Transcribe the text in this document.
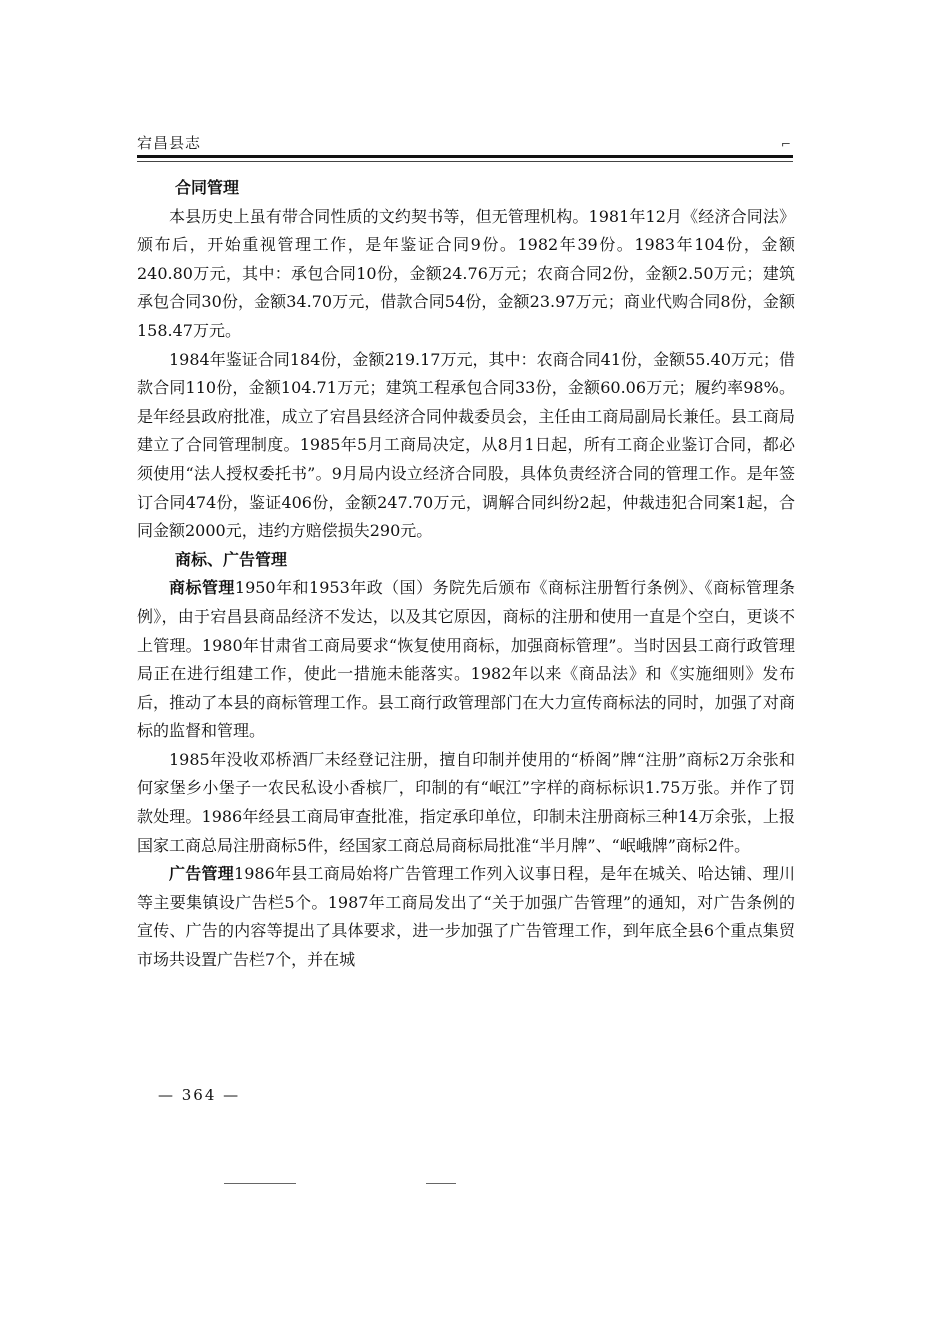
宕昌县志	⌐
合同管理

本县历史上虽有带合同性质的文约契书等，但无管理机构。1981年12月《经济合同法》颁布后，开始重视管理工作，是年鉴证合同9份。1982年39份。1983年104份，金额240.80万元，其中：承包合同10份，金额24.76万元；农商合同2份，金额2.50万元；建筑承包合同30份，金额34.70万元，借款合同54份，金额23.97万元；商业代购合同8份，金额158.47万元。

1984年鉴证合同184份，金额219.17万元，其中：农商合同41份，金额55.40万元；借款合同110份，金额104.71万元；建筑工程承包合同33份，金额60.06万元；履约率98%。是年经县政府批准，成立了宕昌县经济合同仲裁委员会，主任由工商局副局长兼任。县工商局建立了合同管理制度。1985年5月工商局决定，从8月1日起，所有工商企业鉴订合同，都必须使用“法人授权委托书”。9月局内设立经济合同股，具体负责经济合同的管理工作。是年签订合同474份，鉴证406份，金额247.70万元，调解合同纠纷2起，仲裁违犯合同案1起，合同金额2000元，违约方赔偿损失290元。

商标、广告管理

商标管理1950年和1953年政（国）务院先后颁布《商标注册暂行条例》、《商标管理条例》，由于宕昌县商品经济不发达，以及其它原因，商标的注册和使用一直是个空白，更谈不上管理。1980年甘肃省工商局要求“恢复使用商标，加强商标管理”。当时因县工商行政管理局正在进行组建工作，使此一措施未能落实。1982年以来《商品法》和《实施细则》发布后，推动了本县的商标管理工作。县工商行政管理部门在大力宣传商标法的同时，加强了对商标的监督和管理。

1985年没收邓桥酒厂未经登记注册，擅自印制并使用的“桥阁”牌“注册”商标2万余张和何家堡乡小堡子一农民私设小香槟厂，印制的有“岷江”字样的商标标识1.75万张。并作了罚款处理。1986年经县工商局审查批准，指定承印单位，印制未注册商标三种14万余张，上报国家工商总局注册商标5件，经国家工商总局商标局批准“半月牌”、“岷峨牌”商标2件。

广告管理1986年县工商局始将广告管理工作列入议事日程，是年在城关、哈达铺、理川等主要集镇设广告栏5个。1987年工商局发出了“关于加强广告管理”的通知，对广告条例的宣传、广告的内容等提出了具体要求，进一步加强了广告管理工作，到年底全县6个重点集贸市场共设置广告栏7个，并在城

— 364 —
